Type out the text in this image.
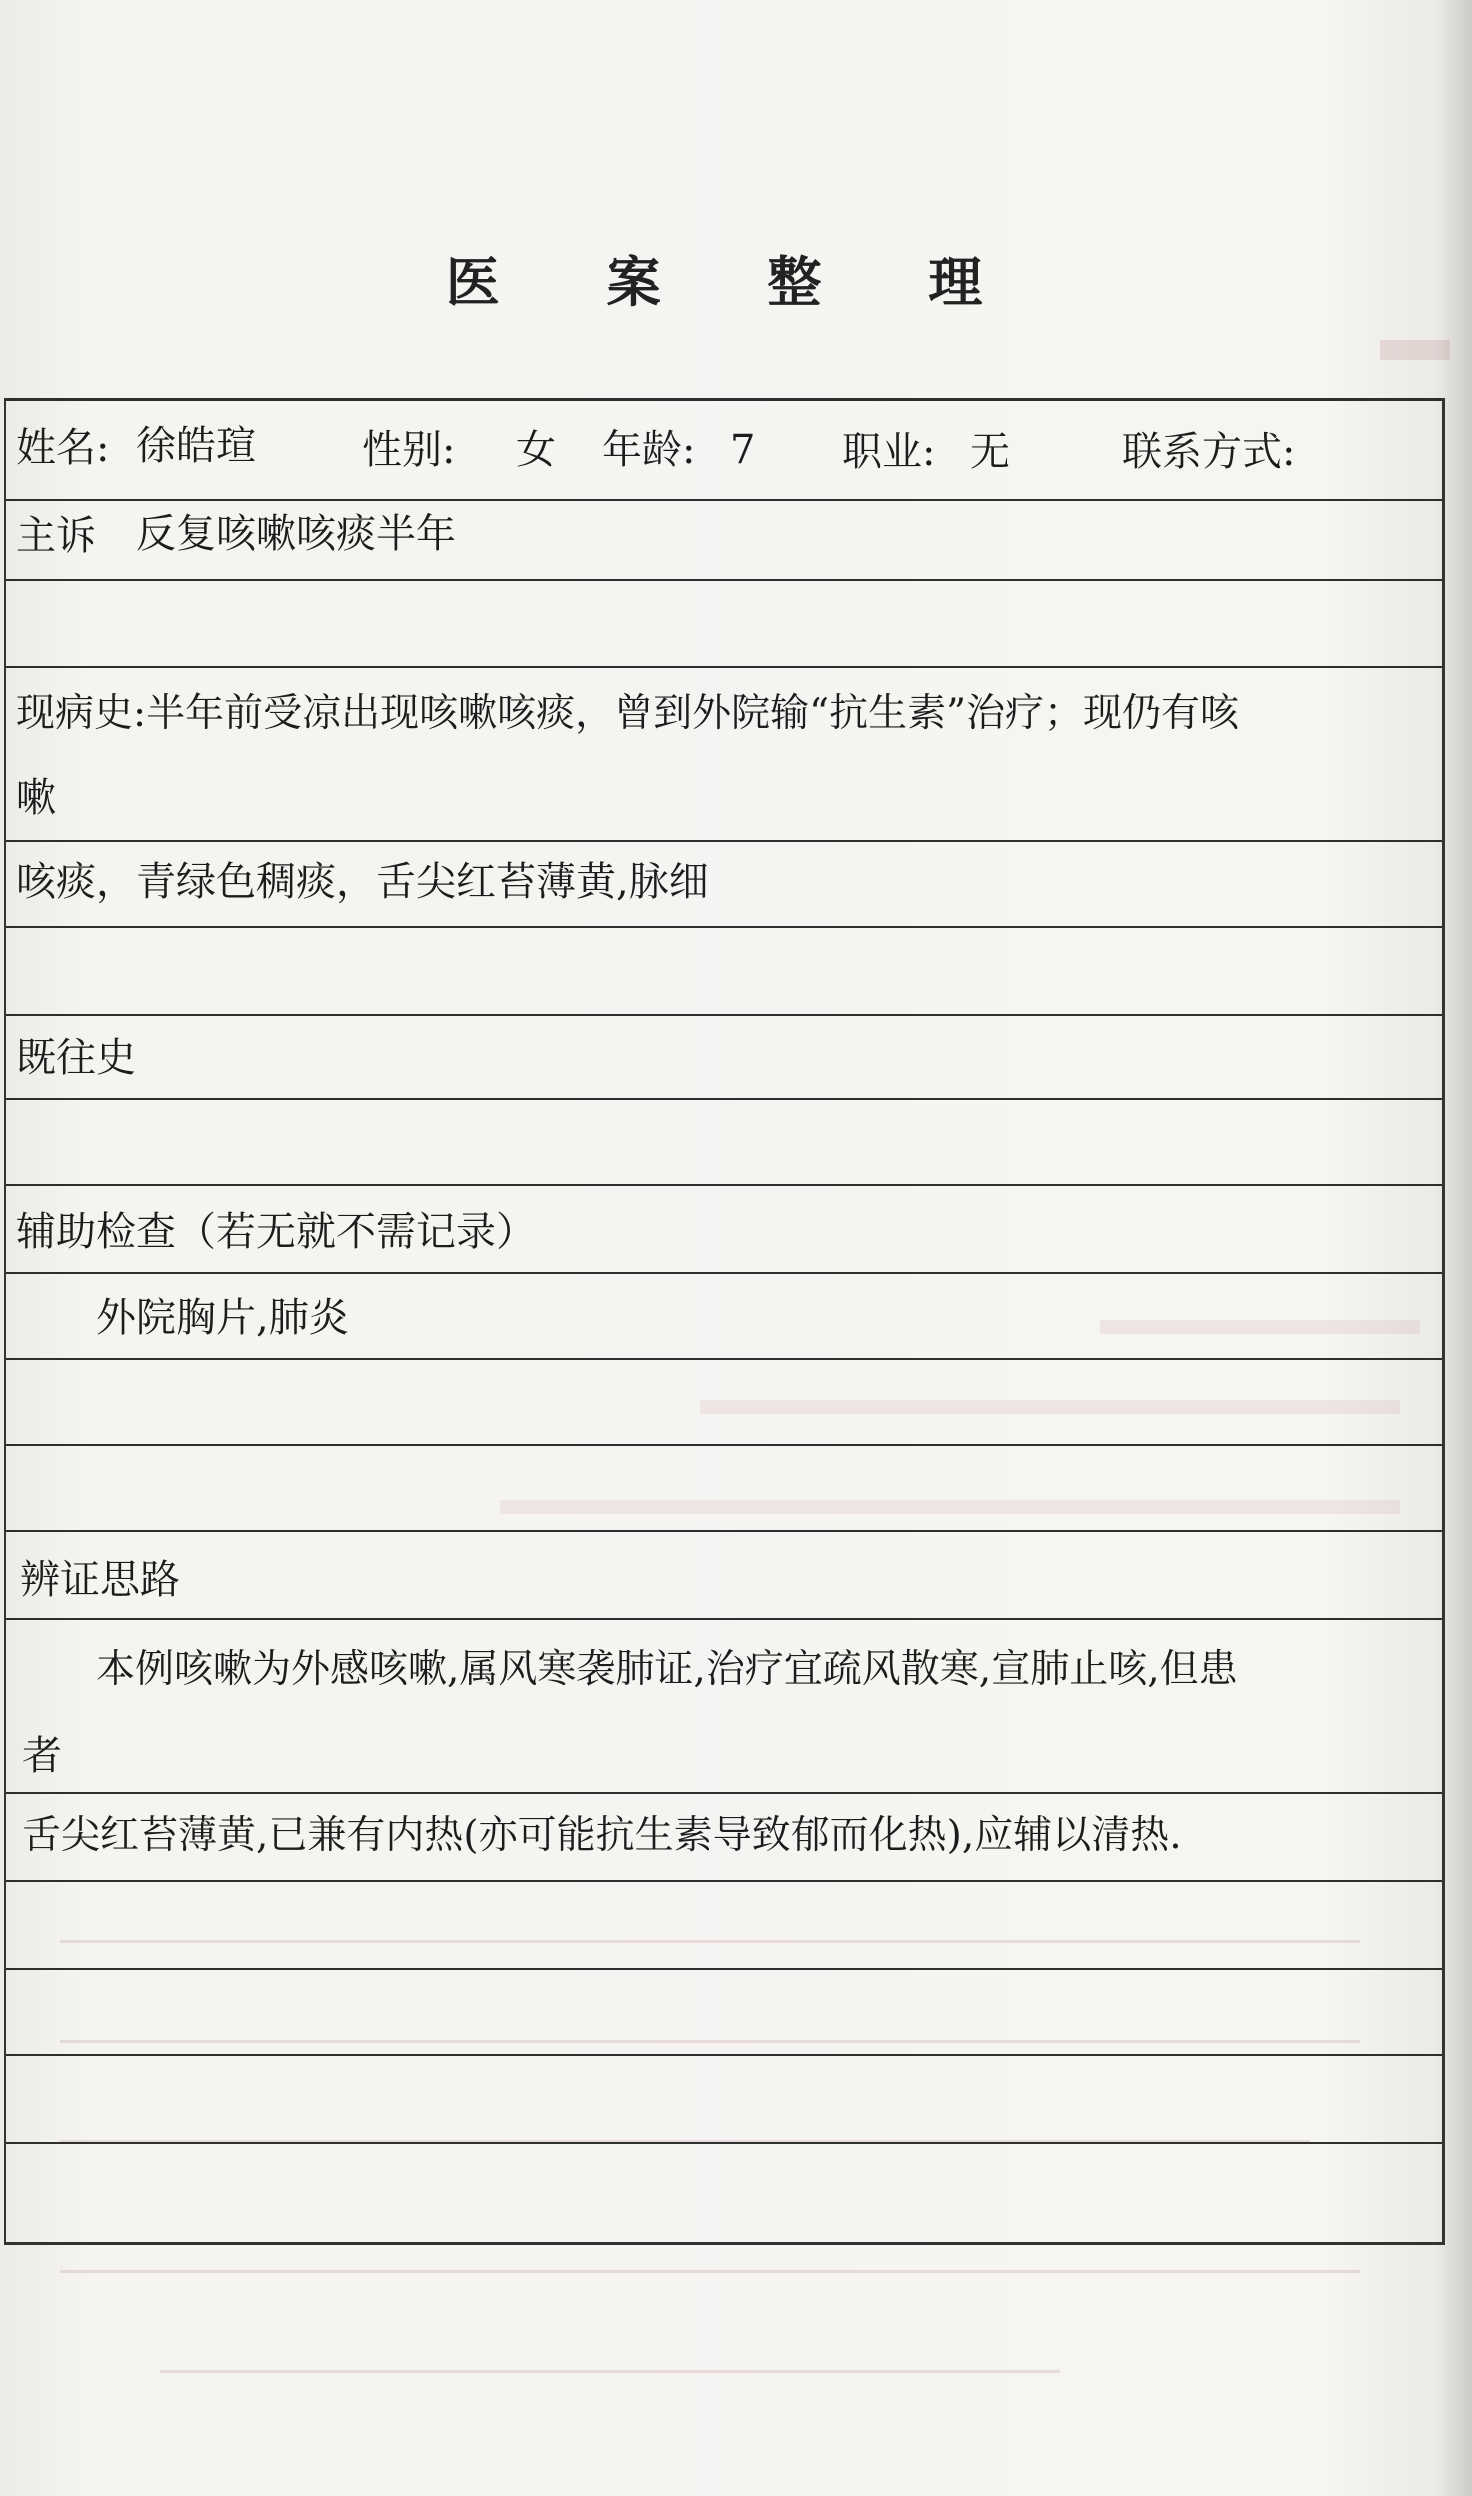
医 案 整 理
姓名: 徐皓瑄	性别: 女 年龄: 7 职业: 无	联系方式:
主诉 反复咳嗽咳痰半年
现病史:半年前受凉出现咳嗽咳痰，曾到外院输“抗生素”治疗；现仍有咳
嗽
咳痰，青绿色稠痰，舌尖红苔薄黄,脉细
既往史
辅助检查（若无就不需记录）
外院胸片,肺炎
辨证思路
本例咳嗽为外感咳嗽,属风寒袭肺证,治疗宜疏风散寒,宣肺止咳,但患
者
舌尖红苔薄黄,已兼有内热(亦可能抗生素导致郁而化热),应辅以清热.
